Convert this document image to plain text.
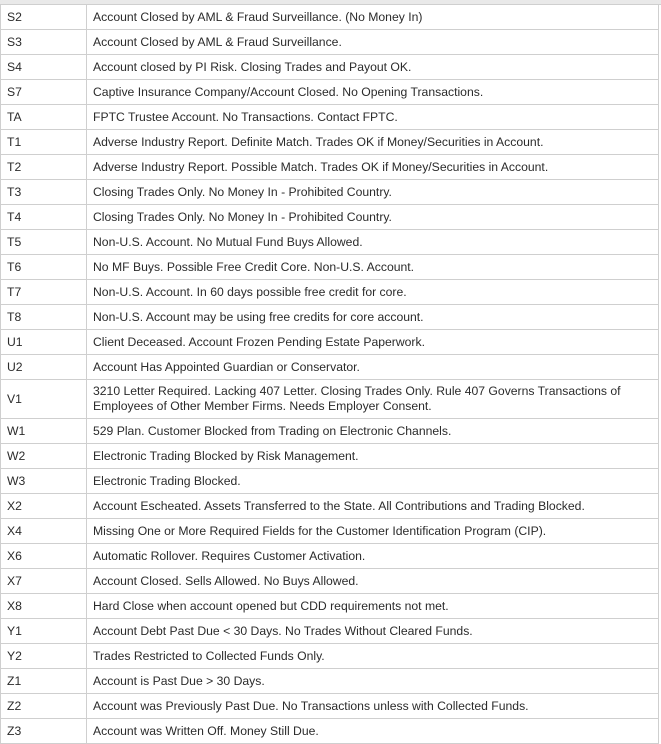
S2	Account Closed by AML & Fraud Surveillance. (No Money In)
S3	Account Closed by AML & Fraud Surveillance.
S4	Account closed by PI Risk. Closing Trades and Payout OK.
S7	Captive Insurance Company/Account Closed. No Opening Transactions.
TA	FPTC Trustee Account. No Transactions. Contact FPTC.
T1	Adverse Industry Report. Definite Match. Trades OK if Money/Securities in Account.
T2	Adverse Industry Report. Possible Match. Trades OK if Money/Securities in Account.
T3	Closing Trades Only. No Money In - Prohibited Country.
T4	Closing Trades Only. No Money In - Prohibited Country.
T5	Non-U.S. Account. No Mutual Fund Buys Allowed.
T6	No MF Buys. Possible Free Credit Core. Non-U.S. Account.
T7	Non-U.S. Account. In 60 days possible free credit for core.
T8	Non-U.S. Account may be using free credits for core account.
U1	Client Deceased. Account Frozen Pending Estate Paperwork.
U2	Account Has Appointed Guardian or Conservator.
V1	3210 Letter Required. Lacking 407 Letter. Closing Trades Only. Rule 407 Governs Transactions of Employees of Other Member Firms. Needs Employer Consent.
W1	529 Plan. Customer Blocked from Trading on Electronic Channels.
W2	Electronic Trading Blocked by Risk Management.
W3	Electronic Trading Blocked.
X2	Account Escheated. Assets Transferred to the State. All Contributions and Trading Blocked.
X4	Missing One or More Required Fields for the Customer Identification Program (CIP).
X6	Automatic Rollover. Requires Customer Activation.
X7	Account Closed. Sells Allowed. No Buys Allowed.
X8	Hard Close when account opened but CDD requirements not met.
Y1	Account Debt Past Due < 30 Days. No Trades Without Cleared Funds.
Y2	Trades Restricted to Collected Funds Only.
Z1	Account is Past Due > 30 Days.
Z2	Account was Previously Past Due. No Transactions unless with Collected Funds.
Z3	Account was Written Off. Money Still Due.
